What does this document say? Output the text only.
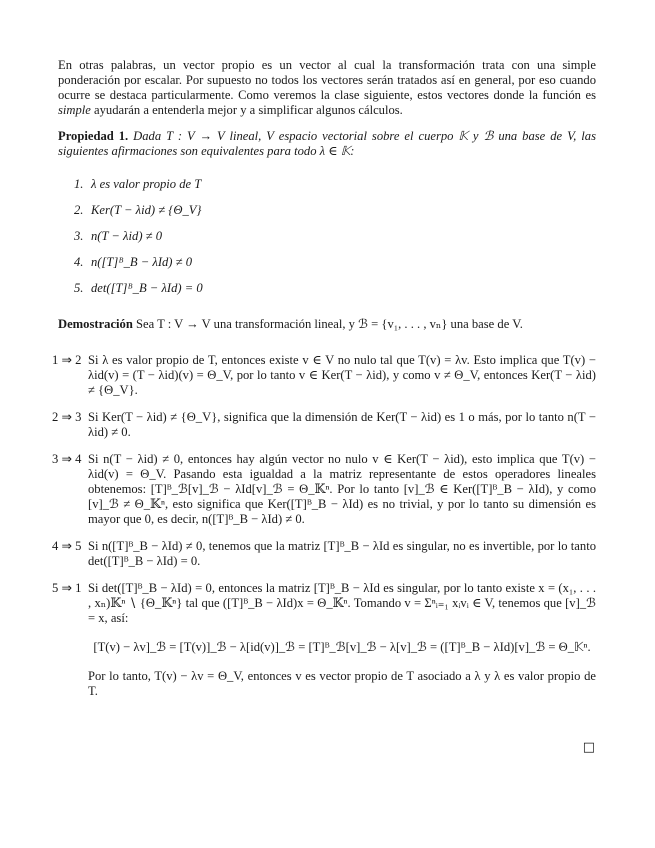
En otras palabras, un vector propio es un vector al cual la transformación trata con una simple ponderación por escalar. Por supuesto no todos los vectores serán tratados así en general, por eso cuando ocurre se destaca particularmente. Como veremos la clase siguiente, estos vectores donde la función es simple ayudarán a entenderla mejor y a simplificar algunos cálculos.

Propiedad 1. Dada T : V → V lineal, V espacio vectorial sobre el cuerpo 𝕂 y ℬ una base de V, las siguientes afirmaciones son equivalentes para todo λ ∈ 𝕂:

1. λ es valor propio de T
2. Ker(T − λid) ≠ {Θ_V}
3. n(T − λid) ≠ 0
4. n([T]ᴮ_B − λId) ≠ 0
5. det([T]ᴮ_B − λId) = 0

Demostración Sea T : V → V una transformación lineal, y ℬ = {v₁, . . . , vₙ} una base de V.

1 ⇒ 2 Si λ es valor propio de T, entonces existe v ∈ V no nulo tal que T(v) = λv. Esto implica que T(v) − λid(v) = (T − λid)(v) = Θ_V, por lo tanto v ∈ Ker(T − λid), y como v ≠ Θ_V, entonces Ker(T − λid) ≠ {Θ_V}.

2 ⇒ 3 Si Ker(T − λid) ≠ {Θ_V}, significa que la dimensión de Ker(T − λid) es 1 o más, por lo tanto n(T − λid) ≠ 0.

3 ⇒ 4 Si n(T − λid) ≠ 0, entonces hay algún vector no nulo v ∈ Ker(T − λid), esto implica que T(v) − λid(v) = Θ_V. Pasando esta igualdad a la matriz representante de estos operadores lineales obtenemos: [T]ᴮ_ℬ[v]_ℬ − λId[v]_ℬ = Θ_𝕂ⁿ. Por lo tanto [v]_ℬ ∈ Ker([T]ᴮ_B − λId), y como [v]_ℬ ≠ Θ_𝕂ⁿ, esto significa que Ker([T]ᴮ_B − λId) es no trivial, y por lo tanto su dimensión es mayor que 0, es decir, n([T]ᴮ_B − λId) ≠ 0.

4 ⇒ 5 Si n([T]ᴮ_B − λId) ≠ 0, tenemos que la matriz [T]ᴮ_B − λId es singular, no es invertible, por lo tanto det([T]ᴮ_B − λId) = 0.

5 ⇒ 1 Si det([T]ᴮ_B − λId) = 0, entonces la matriz [T]ᴮ_B − λId es singular, por lo tanto existe x = (x₁, . . . , xₙ)𝕂ⁿ ∖ {Θ_𝕂ⁿ} tal que ([T]ᴮ_B − λId)x = Θ_𝕂ⁿ. Tomando v = Σⁿᵢ₌₁ xᵢvᵢ ∈ V, tenemos que [v]_ℬ = x, así:

[T(v) − λv]_ℬ = [T(v)]_ℬ − λ[id(v)]_ℬ = [T]ᴮ_ℬ[v]_ℬ − λ[v]_ℬ = ([T]ᴮ_B − λId)[v]_ℬ = Θ_𝕂ⁿ.

Por lo tanto, T(v) − λv = Θ_V, entonces v es vector propio de T asociado a λ y λ es valor propio de T.

□
